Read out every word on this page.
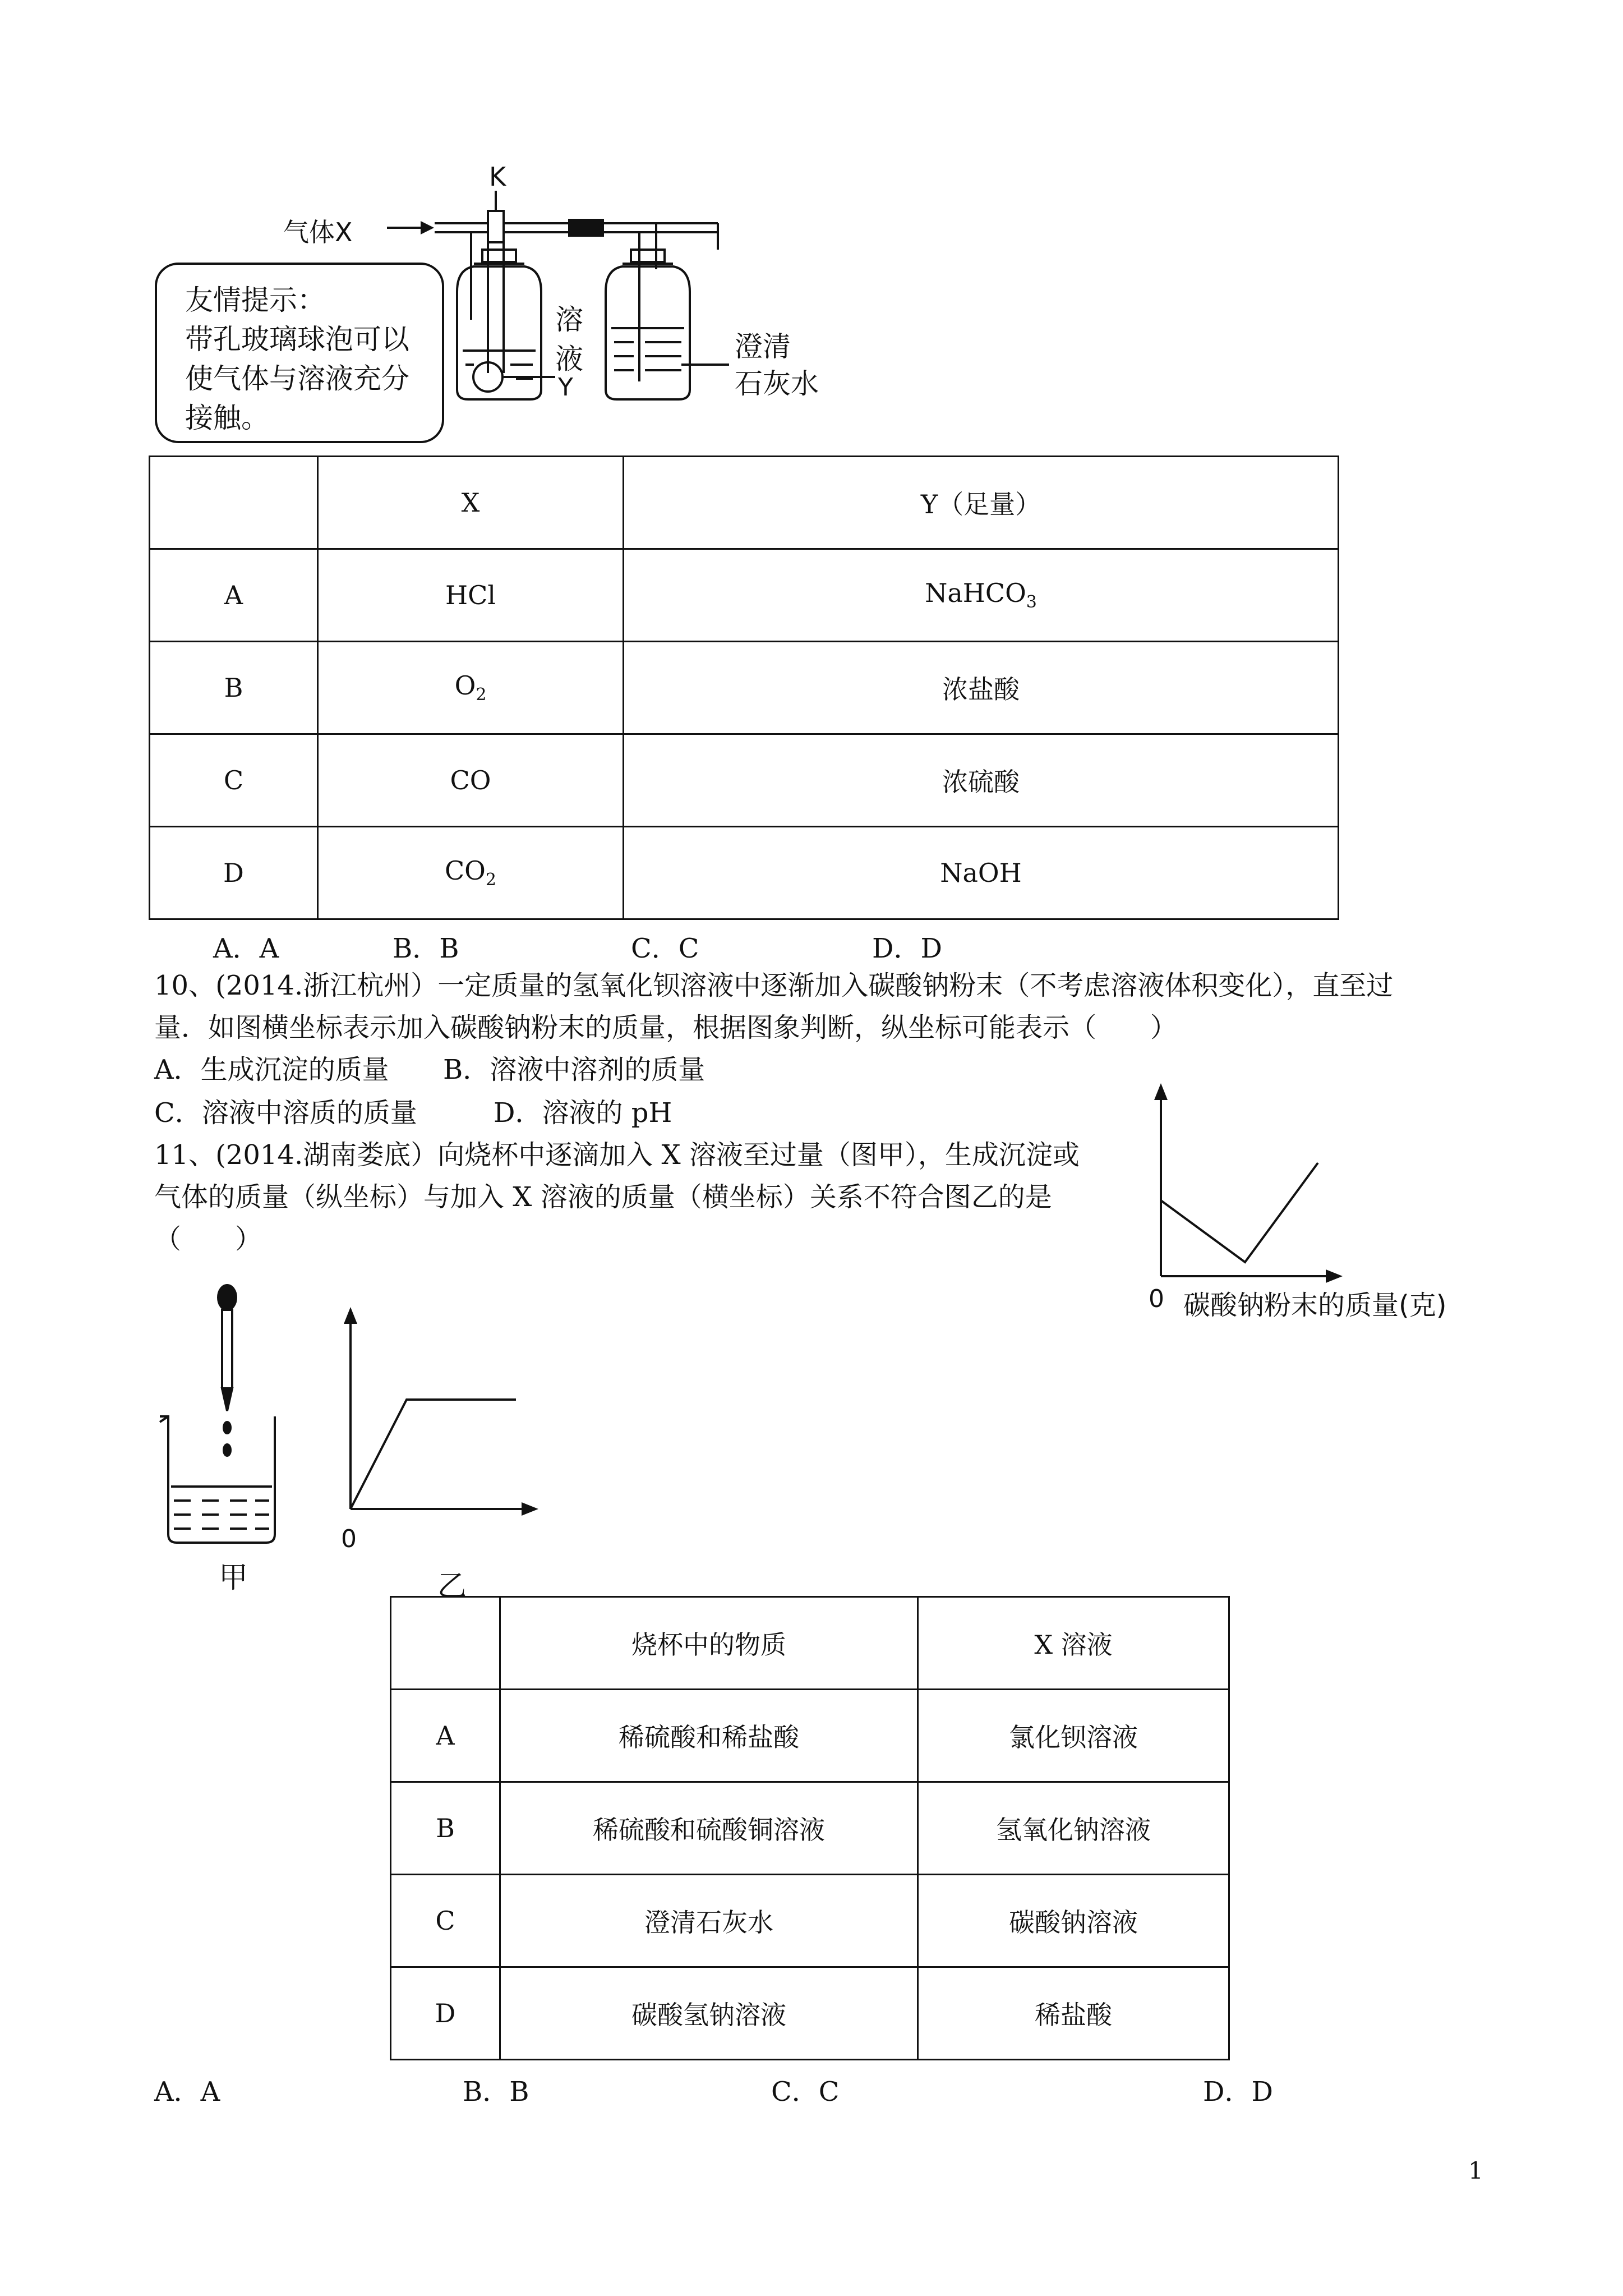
K
气体X
友情提示：
带孔玻璃球泡可以
使气体与溶液充分
接触。
溶
液
Y
澄清
石灰水
	X	Y（足量）
A	HCl	NaHCO$_3$
B	$O_2$	浓盐酸
C	CO	浓硫酸
D	$CO_2$	NaOH
A．A	B．B	C．C	D．D
10、(2014.浙江杭州）一定质量的氢氧化钡溶液中逐渐加入碳酸钠粉末（不考虑溶液体积变化），直至过
量．如图横坐标表示加入碳酸钠粉末的质量，根据图象判断，纵坐标可能表示（　　）
A．生成沉淀的质量 B．溶液中溶剂的质量
C．溶液中溶质的质量	D．溶液的 pH
0 碳酸钠粉末的质量(克)
11、(2014.湖南娄底）向烧杯中逐滴加入 X 溶液至过量（图甲），生成沉淀或
气体的质量（纵坐标）与加入 X 溶液的质量（横坐标）关系不符合图乙的是
（　　）
甲
0
乙
	烧杯中的物质	X 溶液
A	稀硫酸和稀盐酸	氯化钡溶液
B	稀硫酸和硫酸铜溶液	氢氧化钠溶液
C	澄清石灰水	碳酸钠溶液
D	碳酸氢钠溶液	稀盐酸
A．A	B．B	C．C	D．D
1
